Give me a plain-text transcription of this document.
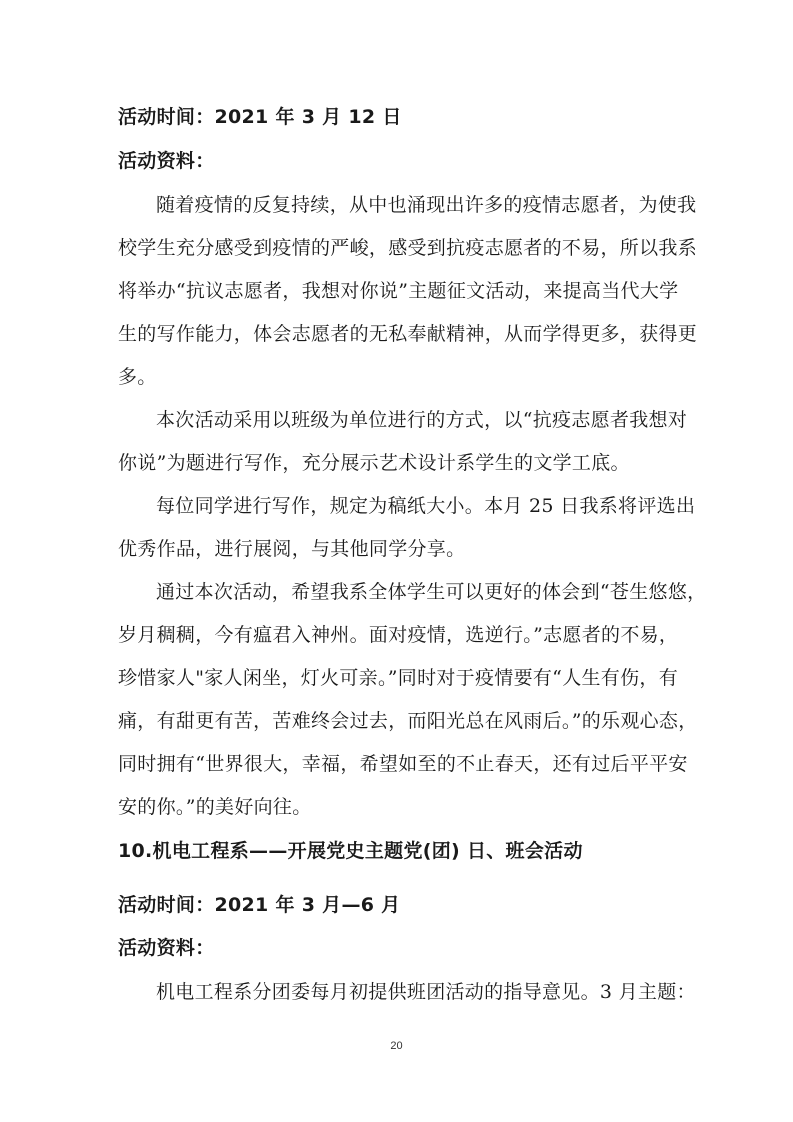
活动时间：2021 年 3 月 12 日
活动资料：
随着疫情的反复持续，从中也涌现出许多的疫情志愿者，为使我
校学生充分感受到疫情的严峻，感受到抗疫志愿者的不易，所以我系
将举办“抗议志愿者，我想对你说”主题征文活动，来提高当代大学
生的写作能力，体会志愿者的无私奉献精神，从而学得更多，获得更
多。
本次活动采用以班级为单位进行的方式，以“抗疫志愿者我想对
你说”为题进行写作，充分展示艺术设计系学生的文学工底。
每位同学进行写作，规定为稿纸大小。本月 25 日我系将评选出
优秀作品，进行展阅，与其他同学分享。
通过本次活动，希望我系全体学生可以更好的体会到“苍生悠悠，
岁月稠稠，今有瘟君入神州。面对疫情，选逆行。”志愿者的不易，
珍惜家人"家人闲坐，灯火可亲。”同时对于疫情要有“人生有伤，有
痛，有甜更有苦，苦难终会过去，而阳光总在风雨后。”的乐观心态，
同时拥有“世界很大，幸福，希望如至的不止春天，还有过后平平安
安的你。”的美好向往。
10.机电工程系——开展党史主题党(团) 日、班会活动
活动时间：2021 年 3 月—6 月
活动资料：
机电工程系分团委每月初提供班团活动的指导意见。3 月主题：
20
